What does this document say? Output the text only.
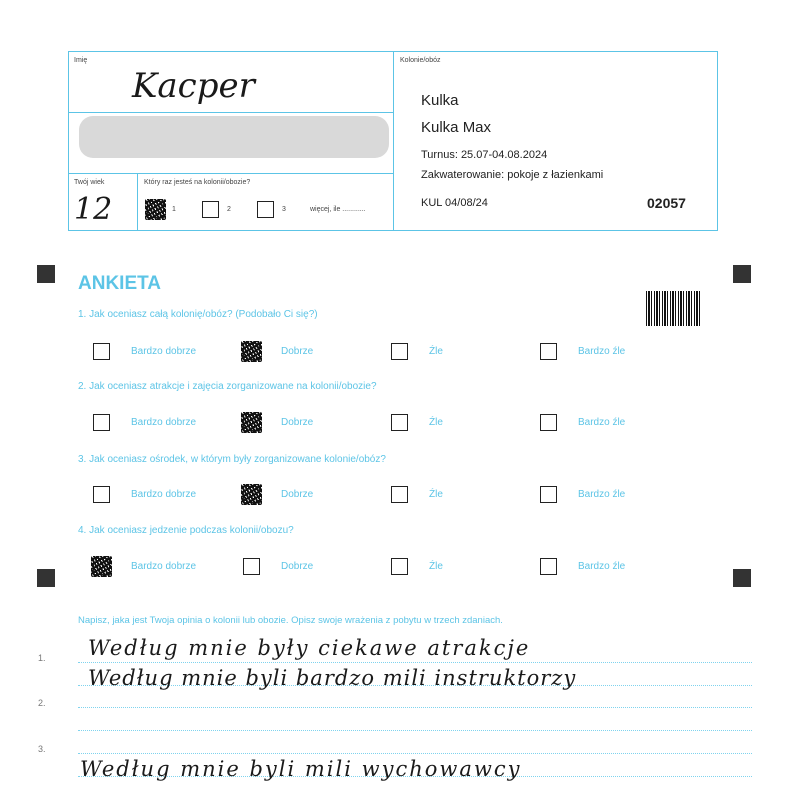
Imię
Kacper
Twój wiek
12
Który raz jesteś na kolonii/obozie?
1	2	3	więcej, ile ............
Kolonie/obóz
Kulka
Kulka Max
Turnus: 25.07-04.08.2024
Zakwaterowanie: pokoje z łazienkami
KUL 04/08/24	02057
ANKIETA
1. Jak oceniasz całą kolonię/obóz? (Podobało Ci się?)
Bardzo dobrze	Dobrze	Źle	Bardzo źle
2. Jak oceniasz atrakcje i zajęcia zorganizowane na kolonii/obozie?
Bardzo dobrze	Dobrze	Źle	Bardzo źle
3. Jak oceniasz ośrodek, w którym były zorganizowane kolonie/obóz?
Bardzo dobrze	Dobrze	Źle	Bardzo źle
4. Jak oceniasz jedzenie podczas kolonii/obozu?
Bardzo dobrze	Dobrze	Źle	Bardzo źle
Napisz, jaka jest Twoja opinia o kolonii lub obozie. Opisz swoje wrażenia z pobytu w trzech zdaniach.
1.
2.
3.
Według mnie były ciekawe atrakcje
Według mnie byli bardzo mili instruktorzy
Według mnie byli mili wychowawcy
